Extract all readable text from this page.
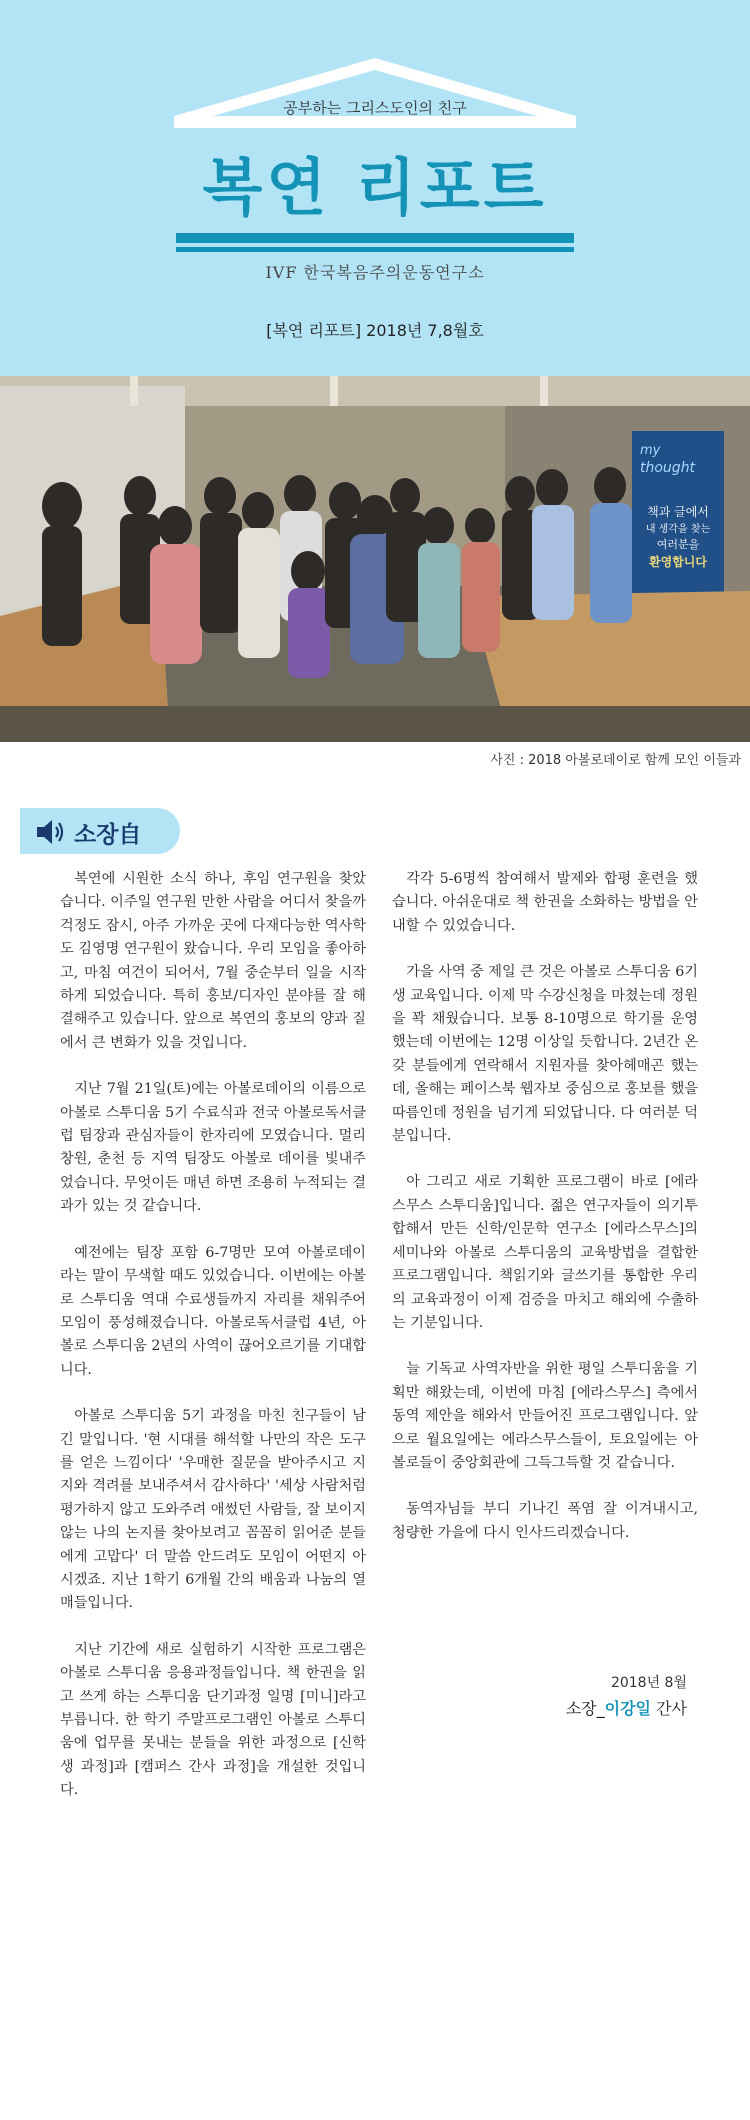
공부하는 그리스도인의 친구
복연 리포트
IVF 한국복음주의운동연구소
[복연 리포트] 2018년 7,8월호
my
thought
책과 글에서
내 생각을 찾는
여러분을
환영합니다
사진 : 2018 아볼로데이로 함께 모인 이들과
소장自

복연에 시원한 소식 하나, 후임 연구원을 찾았습니다. 이주일 연구원 만한 사람을 어디서 찾을까 걱정도 잠시, 아주 가까운 곳에 다재다능한 역사학도 김영명 연구원이 왔습니다. 우리 모임을 좋아하고, 마침 여건이 되어서, 7월 중순부터 일을 시작하게 되었습니다. 특히 홍보/디자인 분야를 잘 해결해주고 있습니다. 앞으로 복연의 홍보의 양과 질에서 큰 변화가 있을 것입니다.

지난 7월 21일(토)에는 아볼로데이의 이름으로 아볼로 스투디움 5기 수료식과 전국 아볼로독서클럽 팀장과 관심자들이 한자리에 모였습니다. 멀리 창원, 춘천 등 지역 팀장도 아볼로 데이를 빛내주었습니다. 무엇이든 매년 하면 조용히 누적되는 결과가 있는 것 같습니다.

예전에는 팀장 포함 6-7명만 모여 아볼로데이라는 말이 무색할 때도 있었습니다. 이번에는 아볼로 스투디움 역대 수료생들까지 자리를 채워주어 모임이 풍성해졌습니다. 아볼로독서클럽 4년, 아볼로 스투디움 2년의 사역이 끊어오르기를 기대합니다.

아볼로 스투디움 5기 과정을 마친 친구들이 남긴 말입니다. '현 시대를 해석할 나만의 작은 도구를 얻은 느낌이다' '우매한 질문을 받아주시고 지지와 격려를 보내주셔서 감사하다' '세상 사람처럼 평가하지 않고 도와주려 애썼던 사람들, 잘 보이지 않는 나의 논지를 찾아보려고 꼼꼼히 읽어준 분들에게 고맙다' 더 말씀 안드려도 모임이 어떤지 아시겠죠. 지난 1학기 6개월 간의 배움과 나눔의 열매들입니다.

지난 기간에 새로 실험하기 시작한 프로그램은 아볼로 스투디움 응용과정들입니다. 책 한권을 읽고 쓰게 하는 스투디움 단기과정 일명 [미니]라고 부릅니다. 한 학기 주말프로그램인 아볼로 스투디움에 업무를 못내는 분들을 위한 과정으로 [신학생 과정]과 [캠퍼스 간사 과정]을 개설한 것입니다.

각각 5-6명씩 참여해서 발제와 합평 훈련을 했습니다. 아쉬운대로 책 한권을 소화하는 방법을 안내할 수 있었습니다.

가을 사역 중 제일 큰 것은 아볼로 스투디움 6기생 교육입니다. 이제 막 수강신청을 마쳤는데 정원을 꽉 채웠습니다. 보통 8-10명으로 학기를 운영했는데 이번에는 12명 이상일 듯합니다. 2년간 온갖 분들에게 연락해서 지원자를 찾아헤매곤 했는데, 올해는 페이스북 웹자보 중심으로 홍보를 했을 따름인데 정원을 넘기게 되었답니다. 다 여러분 덕분입니다.

아 그리고 새로 기획한 프로그램이 바로 [에라스무스 스투디움]입니다. 젊은 연구자들이 의기투합해서 만든 신학/인문학 연구소 [에라스무스]의 세미나와 아볼로 스투디움의 교육방법을 결합한 프로그램입니다. 책읽기와 글쓰기를 통합한 우리의 교육과정이 이제 검증을 마치고 해외에 수출하는 기분입니다.

늘 기독교 사역자반을 위한 평일 스투디움을 기획만 해왔는데, 이번에 마침 [에라스무스] 측에서 동역 제안을 해와서 만들어진 프로그램입니다. 앞으로 월요일에는 에라스무스들이, 토요일에는 아볼로들이 중앙회관에 그득그득할 것 같습니다.

동역자님들 부디 기나긴 폭염 잘 이겨내시고, 청량한 가을에 다시 인사드리겠습니다.

2018년 8월
소장_이강일 간사
